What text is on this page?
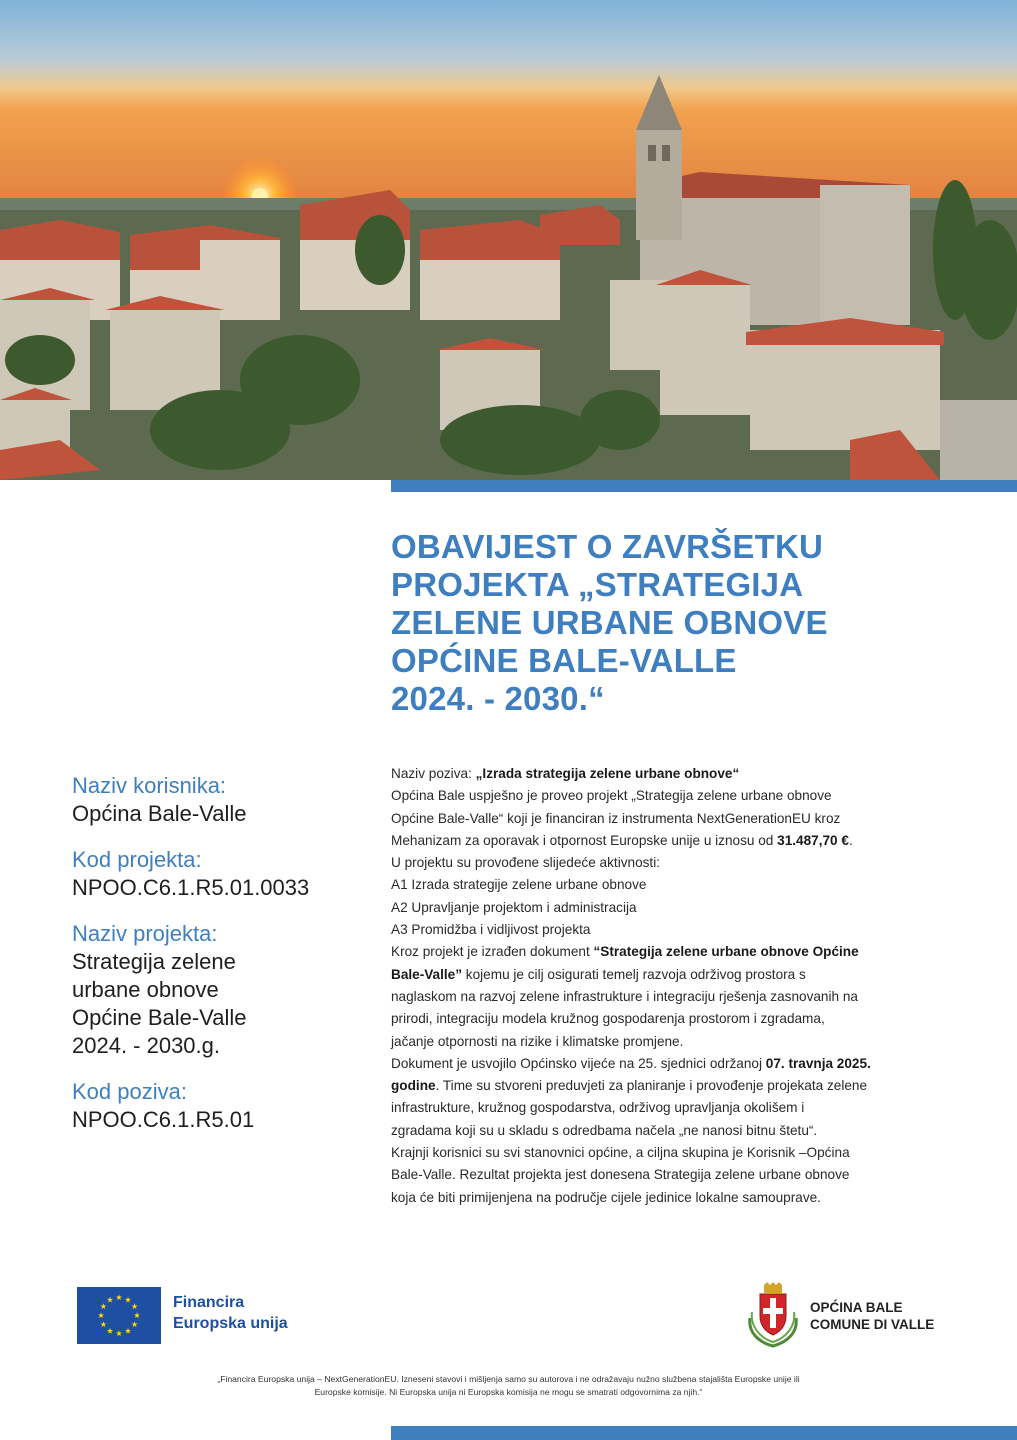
OBAVIJEST O ZAVRŠETKU
PROJEKTA „STRATEGIJA
ZELENE URBANE OBNOVE
OPĆINE BALE-VALLE
2024. - 2030.“

Naziv korisnika:

Općina Bale-Valle

Kod projekta:

NPOO.C6.1.R5.01.0033

Naziv projekta:

Strategija zelene
urbane obnove
Općine Bale-Valle
2024. - 2030.g.

Kod poziva:

NPOO.C6.1.R5.01

Naziv poziva: „Izrada strategija zelene urbane obnove“
Općina Bale uspješno je proveo projekt „Strategija zelene urbane obnove
Općine Bale-Valle“ koji je financiran iz instrumenta NextGenerationEU kroz
Mehanizam za oporavak i otpornost Europske unije u iznosu od 31.487,70 €.
U projektu su provođene slijedeće aktivnosti:
A1 Izrada strategije zelene urbane obnove
A2 Upravljanje projektom i administracija
A3 Promidžba i vidljivost projekta
Kroz projekt je izrađen dokument “Strategija zelene urbane obnove Općine
Bale-Valle” kojemu je cilj osigurati temelj razvoja održivog prostora s
naglaskom na razvoj zelene infrastrukture i integraciju rješenja zasnovanih na
prirodi, integraciju modela kružnog gospodarenja prostorom i zgradama,
jačanje otpornosti na rizike i klimatske promjene.
Dokument je usvojilo Općinsko vijeće na 25. sjednici održanoj 07. travnja 2025.
godine. Time su stvoreni preduvjeti za planiranje i provođenje projekata zelene
infrastrukture, kružnog gospodarstva, održivog upravljanja okolišem i
zgradama koji su u skladu s odredbama načela „ne nanosi bitnu štetu“.
Krajnji korisnici su svi stanovnici općine, a ciljna skupina je Korisnik –Općina
Bale-Valle. Rezultat projekta jest donesena Strategija zelene urbane obnove
koja će biti primijenjena na područje cijele jedinice lokalne samouprave.
Financira
Europska unija
OPĆINA BALE
COMUNE DI VALLE
„Financira Europska unija – NextGenerationEU. Izneseni stavovi i mišljenja samo su autorova i ne odražavaju nužno službena stajališta Europske unije ili
Europske komisije. Ni Europska unija ni Europska komisija ne mogu se smatrati odgovornima za njih.“
